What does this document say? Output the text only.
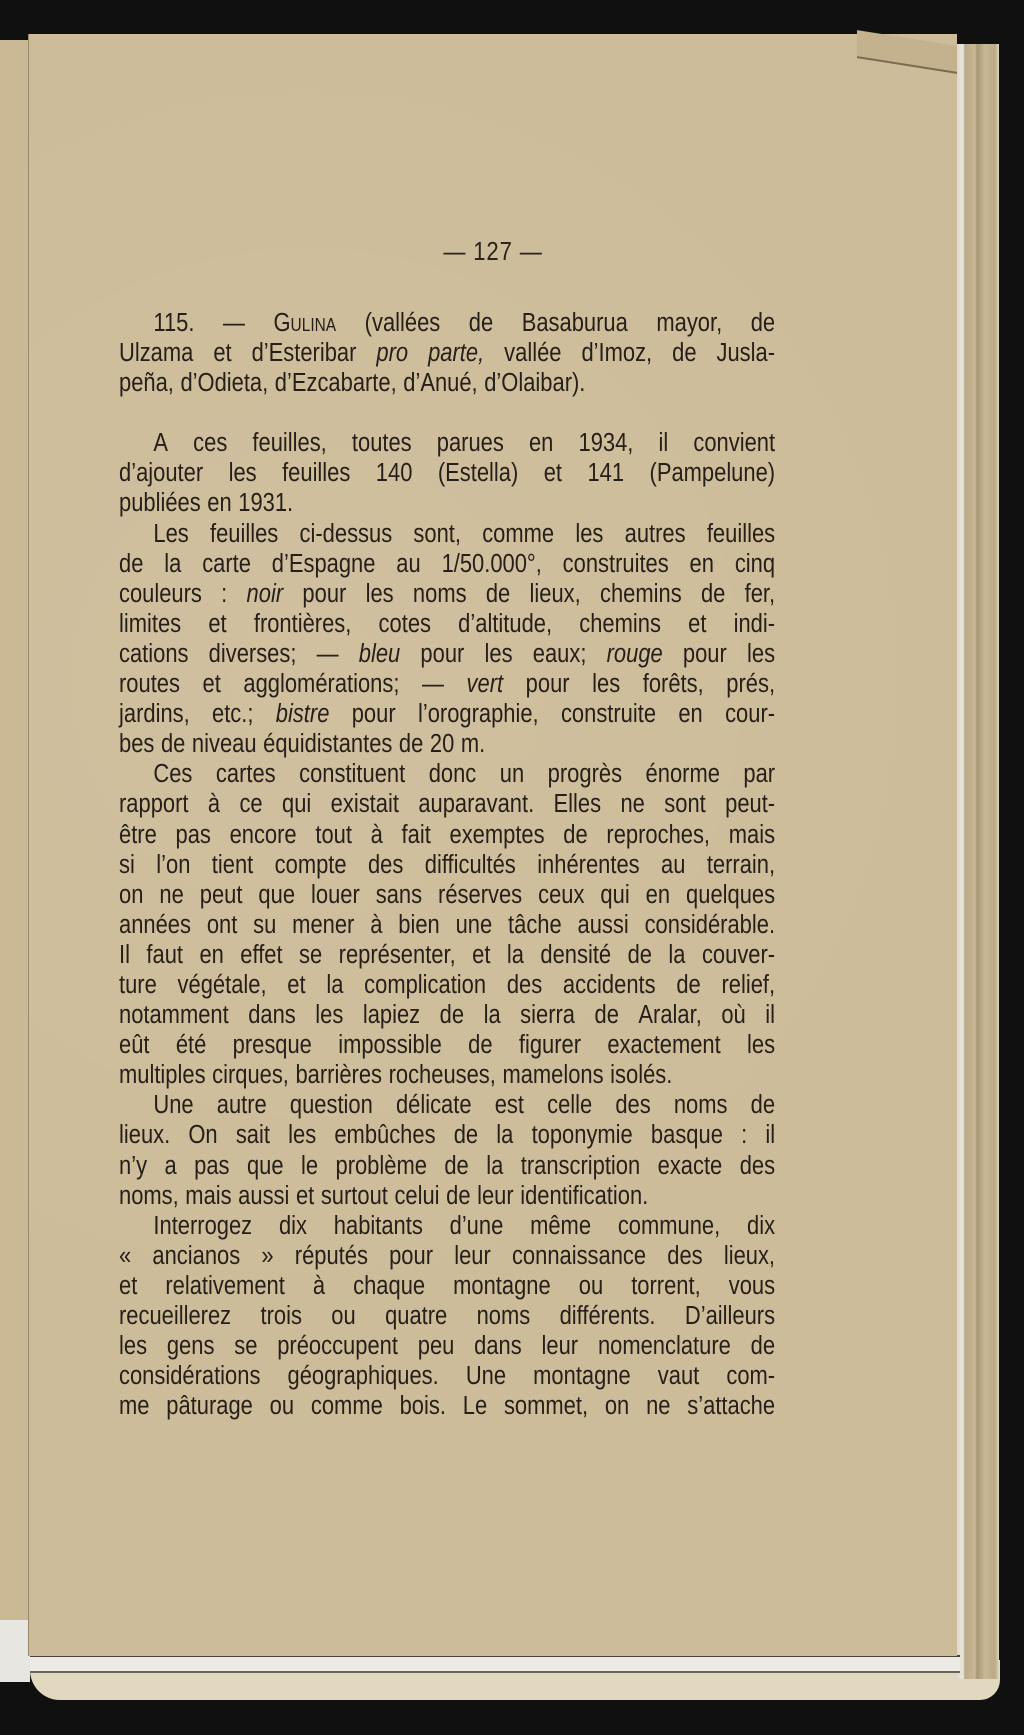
— 127 —
115. — Gulina (vallées de Basaburua mayor, de
Ulzama et d’Esteribar pro parte, vallée d’Imoz, de Jusla-
peña, d’Odieta, d’Ezcabarte, d’Anué, d’Olaibar).
A ces feuilles, toutes parues en 1934, il convient
d’ajouter les feuilles 140 (Estella) et 141 (Pampelune)
publiées en 1931.
Les feuilles ci-dessus sont, comme les autres feuilles
de la carte d’Espagne au 1/50.000°, construites en cinq
couleurs : noir pour les noms de lieux, chemins de fer,
limites et frontières, cotes d’altitude, chemins et indi-
cations diverses; — bleu pour les eaux; rouge pour les
routes et agglomérations; — vert pour les forêts, prés,
jardins, etc.; bistre pour l’orographie, construite en cour-
bes de niveau équidistantes de 20 m.
Ces cartes constituent donc un progrès énorme par
rapport à ce qui existait auparavant. Elles ne sont peut-
être pas encore tout à fait exemptes de reproches, mais
si l’on tient compte des difficultés inhérentes au terrain,
on ne peut que louer sans réserves ceux qui en quelques
années ont su mener à bien une tâche aussi considérable.
Il faut en effet se représenter, et la densité de la couver-
ture végétale, et la complication des accidents de relief,
notamment dans les lapiez de la sierra de Aralar, où il
eût été presque impossible de figurer exactement les
multiples cirques, barrières rocheuses, mamelons isolés.
Une autre question délicate est celle des noms de
lieux. On sait les embûches de la toponymie basque : il
n’y a pas que le problème de la transcription exacte des
noms, mais aussi et surtout celui de leur identification.
Interrogez dix habitants d’une même commune, dix
« ancianos » réputés pour leur connaissance des lieux,
et relativement à chaque montagne ou torrent, vous
recueillerez trois ou quatre noms différents. D’ailleurs
les gens se préoccupent peu dans leur nomenclature de
considérations géographiques. Une montagne vaut com-
me pâturage ou comme bois. Le sommet, on ne s’attache
